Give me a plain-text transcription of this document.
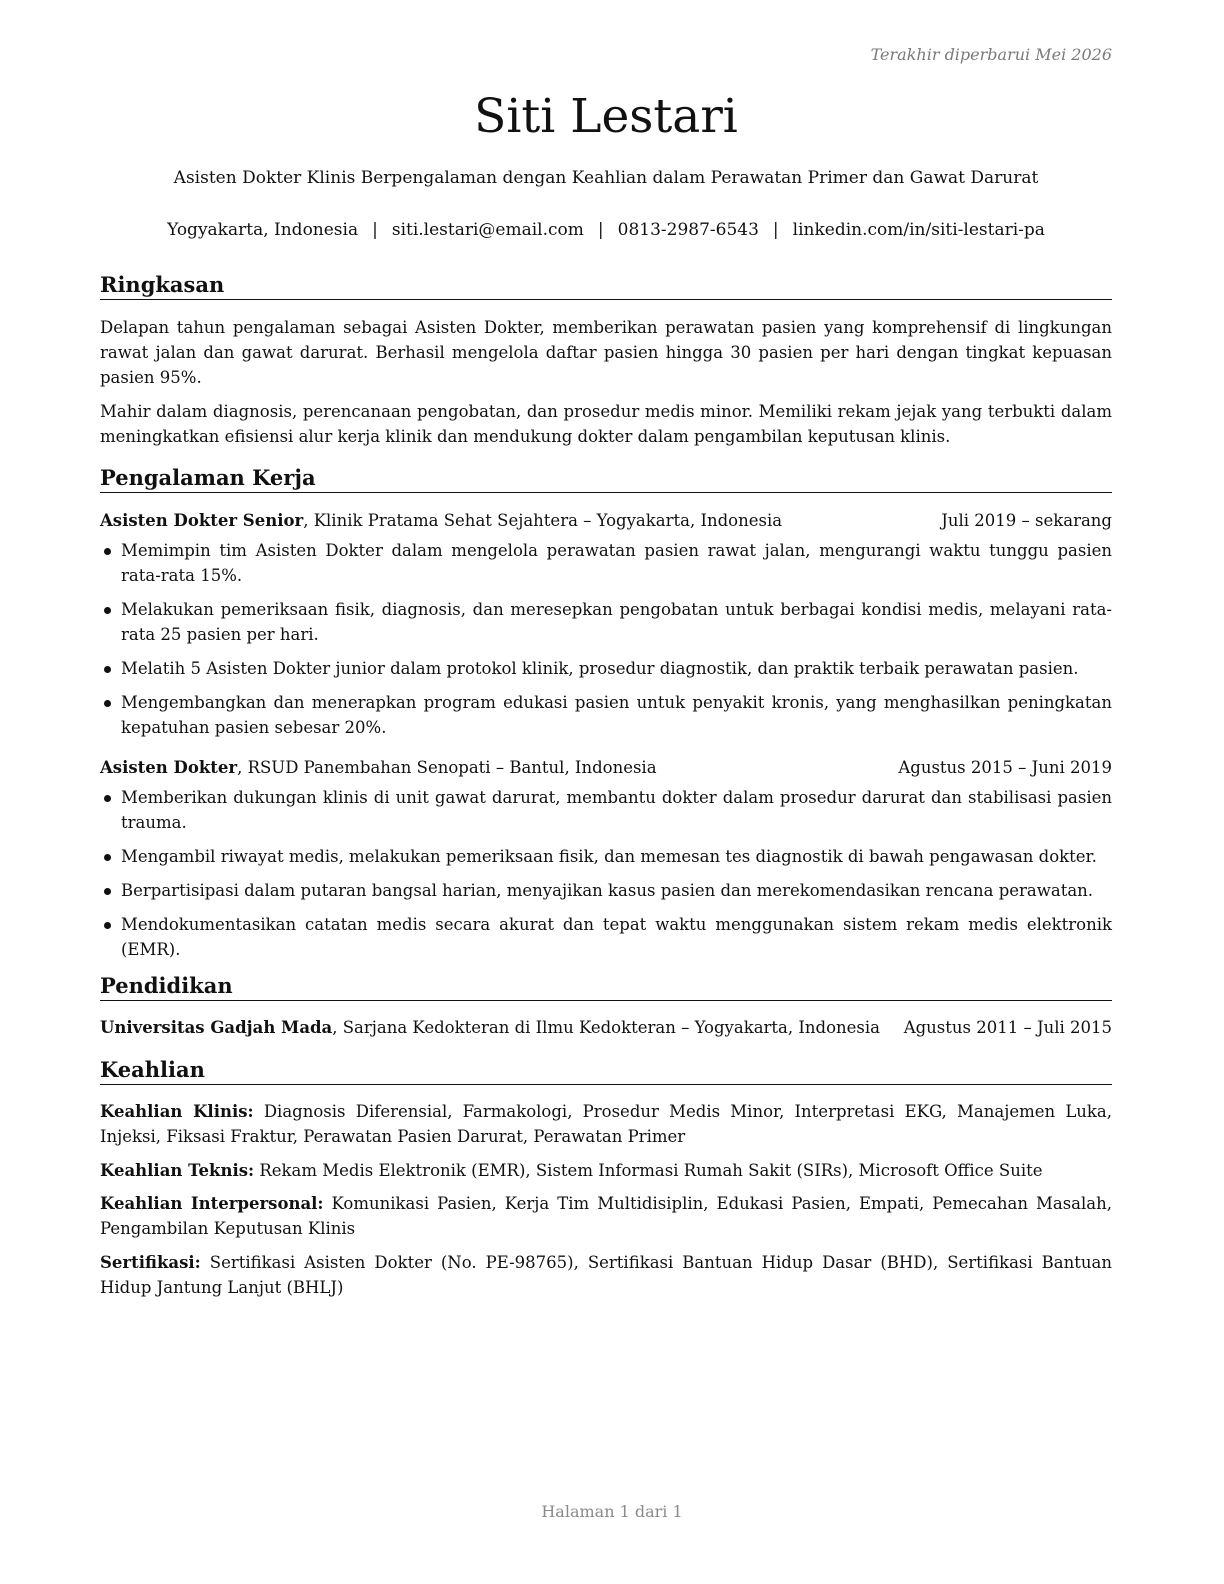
Terakhir diperbarui Mei 2026
Siti Lestari
Asisten Dokter Klinis Berpengalaman dengan Keahlian dalam Perawatan Primer dan Gawat Darurat
Yogyakarta, Indonesia | siti.lestari@email.com | 0813-2987-6543 | linkedin.com/in/siti-lestari-pa
Ringkasan

Delapan tahun pengalaman sebagai Asisten Dokter, memberikan perawatan pasien yang komprehensif di lingkungan rawat jalan dan gawat darurat. Berhasil mengelola daftar pasien hingga 30 pasien per hari dengan tingkat kepuasan pasien 95%.

Mahir dalam diagnosis, perencanaan pengobatan, dan prosedur medis minor. Memiliki rekam jejak yang terbukti dalam meningkatkan efisiensi alur kerja klinik dan mendukung dokter dalam pengambilan keputusan klinis.

Pengalaman Kerja
Asisten Dokter Senior, Klinik Pratama Sehat Sejahtera – Yogyakarta, Indonesia	Juli 2019 – sekarang
Memimpin tim Asisten Dokter dalam mengelola perawatan pasien rawat jalan, mengurangi waktu tunggu pasien rata-rata 15%.
Melakukan pemeriksaan fisik, diagnosis, dan meresepkan pengobatan untuk berbagai kondisi medis, melayani rata-rata 25 pasien per hari.
Melatih 5 Asisten Dokter junior dalam protokol klinik, prosedur diagnostik, dan praktik terbaik perawatan pasien.
Mengembangkan dan menerapkan program edukasi pasien untuk penyakit kronis, yang menghasilkan peningkatan kepatuhan pasien sebesar 20%.
Asisten Dokter, RSUD Panembahan Senopati – Bantul, Indonesia	Agustus 2015 – Juni 2019
Memberikan dukungan klinis di unit gawat darurat, membantu dokter dalam prosedur darurat dan stabilisasi pasien trauma.
Mengambil riwayat medis, melakukan pemeriksaan fisik, dan memesan tes diagnostik di bawah pengawasan dokter.
Berpartisipasi dalam putaran bangsal harian, menyajikan kasus pasien dan merekomendasikan rencana perawatan.
Mendokumentasikan catatan medis secara akurat dan tepat waktu menggunakan sistem rekam medis elektronik (EMR).
Pendidikan
Universitas Gadjah Mada, Sarjana Kedokteran di Ilmu Kedokteran – Yogyakarta, Indonesia Agustus 2011 – Juli 2015
Keahlian

Keahlian Klinis: Diagnosis Diferensial, Farmakologi, Prosedur Medis Minor, Interpretasi EKG, Manajemen Luka, Injeksi, Fiksasi Fraktur, Perawatan Pasien Darurat, Perawatan Primer

Keahlian Teknis: Rekam Medis Elektronik (EMR), Sistem Informasi Rumah Sakit (SIRs), Microsoft Office Suite

Keahlian Interpersonal: Komunikasi Pasien, Kerja Tim Multidisiplin, Edukasi Pasien, Empati, Pemecahan Masalah, Pengambilan Keputusan Klinis

Sertifikasi: Sertifikasi Asisten Dokter (No. PE-98765), Sertifikasi Bantuan Hidup Dasar (BHD), Sertifikasi Bantuan Hidup Jantung Lanjut (BHLJ)

Halaman 1 dari 1
